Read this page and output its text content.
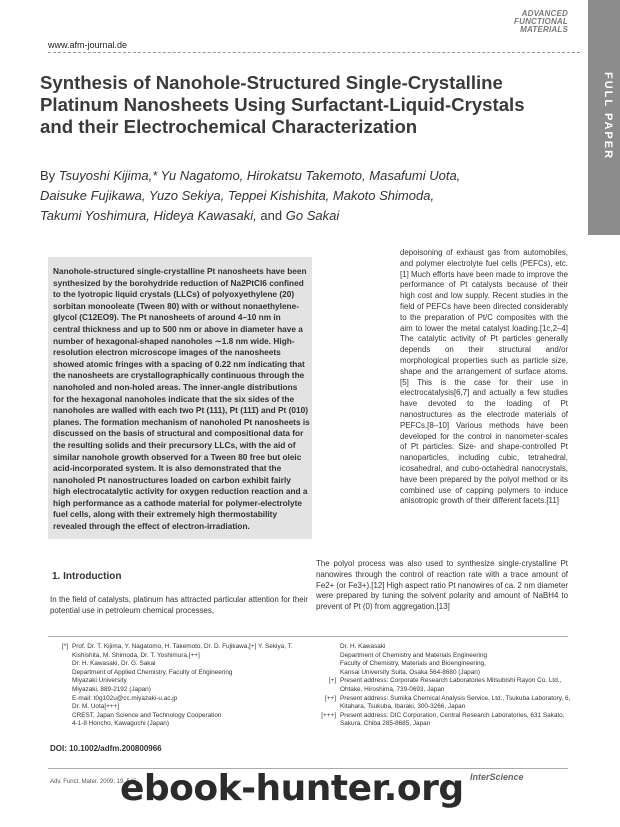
www.afm-journal.de
ADVANCED
FUNCTIONAL
MATERIALS
FULL PAPER
Synthesis of Nanohole-Structured Single-Crystalline Platinum Nanosheets Using Surfactant-Liquid-Crystals and their Electrochemical Characterization
By Tsuyoshi Kijima,* Yu Nagatomo, Hirokatsu Takemoto, Masafumi Uota,
Daisuke Fujikawa, Yuzo Sekiya, Teppei Kishishita, Makoto Shimoda,
Takumi Yoshimura, Hideya Kawasaki, and Go Sakai
Nanohole-structured single-crystalline Pt nanosheets have been synthesized by the borohydride reduction of Na2PtCl6 confined to the lyotropic liquid crystals (LLCs) of polyoxyethylene (20) sorbitan monooleate (Tween 80) with or without nonaethylene-glycol (C12EO9). The Pt nanosheets of around 4–10 nm in central thickness and up to 500 nm or above in diameter have a number of hexagonal-shaped nanoholes ∼1.8 nm wide. High-resolution electron microscope images of the nanosheets showed atomic fringes with a spacing of 0.22 nm indicating that the nanosheets are crystallographically continuous through the nanoholed and non-holed areas. The inner-angle distributions for the hexagonal nanoholes indicate that the six sides of the nanoholes are walled with each two Pt (111), Pt (111̄) and Pt (010) planes. The formation mechanism of nanoholed Pt nanosheets is discussed on the basis of structural and compositional data for the resulting solids and their precursory LLCs, with the aid of similar nanohole growth observed for a Tween 80 free but oleic acid-incorporated system. It is also demonstrated that the nanoholed Pt nanostructures loaded on carbon exhibit fairly high electrocatalytic activity for oxygen reduction reaction and a high performance as a cathode material for polymer-electrolyte fuel cells, along with their extremely high thermostability revealed through the effect of electron-irradiation.
depoisoning of exhaust gas from automobiles, and polymer electrolyte fuel cells (PEFCs), etc.[1] Much efforts have been made to improve the performance of Pt catalysts because of their high cost and low supply. Recent studies in the field of PEFCs have been directed considerably to the preparation of Pt/C composites with the aim to lower the metal catalyst loading.[1c,2–4] The catalytic activity of Pt particles generally depends on their structural and/or morphological properties such as particle size, shape and the arrangement of surface atoms.[5] This is the case for their use in electrocatalysis[6,7] and actually a few studies have devoted to the loading of Pt nanostructures as the electrode materials of PEFCs.[8–10] Various methods have been developed for the control in nanometer-scales of Pt particles. Size- and shape-controlled Pt nanoparticles, including cubic, tetrahedral, icosahedral, and cubo-octahedral nanocrystals, have been prepared by the polyol method or its combined use of capping polymers to induce anisotropic growth of their different facets.[11]
The polyol process was also used to synthesize single-crystalline Pt nanowires through the control of reaction rate with a trace amount of Fe2+ (or Fe3+).[12] High aspect ratio Pt nanowires of ca. 2 nm diameter were prepared by tuning the solvent polarity and amount of NaBH4 to prevent of Pt (0) from aggregation.[13]
1. Introduction
In the field of catalysts, platinum has attracted particular attention for their potential use in petroleum chemical processes,
[*] Prof. Dr. T. Kijima, Y. Nagatomo, H. Takemoto, Dr. D. Fujikawa,[+] Y. Sekiya, T. Kishishita, M. Shimoda, Dr. T. Yoshimura,[++]
Dr. H. Kawasaki, Dr. G. Sakai
Department of Applied Chemistry, Faculty of Engineering
Miyazaki University
Miyazaki, 889-2192 (Japan)
E-mail: t0g102u@cc.miyazaki-u.ac.jp
Dr. M. Uota[+++]
CREST, Japan Science and Technology Cooperation
4-1-8 Honcho, Kawaguchi (Japan)
Dr. H. Kawasaki
Department of Chemistry and Materials Engineering
Faculty of Chemistry, Materials and Bioengineering,
Kansai University Suita, Osaka 564-8680 (Japan)
[+] Present address: Corporate Research Laboratories Mitsubishi Rayon Co. Ltd., Ohtake, Hiroshima, 739-0693, Japan
[++] Present address: Sumika Chemical Analysis Service, Ltd., Tsukuba Laboratory, 6, Kitahara, Tsukuba, Ibaraki, 300-3266, Japan
[+++] Present address: DIC Corporation, Central Research Laboratories, 631 Sakato, Sakura, Chiba 285-8685, Japan
DOI: 10.1002/adfm.200800966
Adv. Funct. Mater. 2009, 19, 545	InterScience
ebook-hunter.org
